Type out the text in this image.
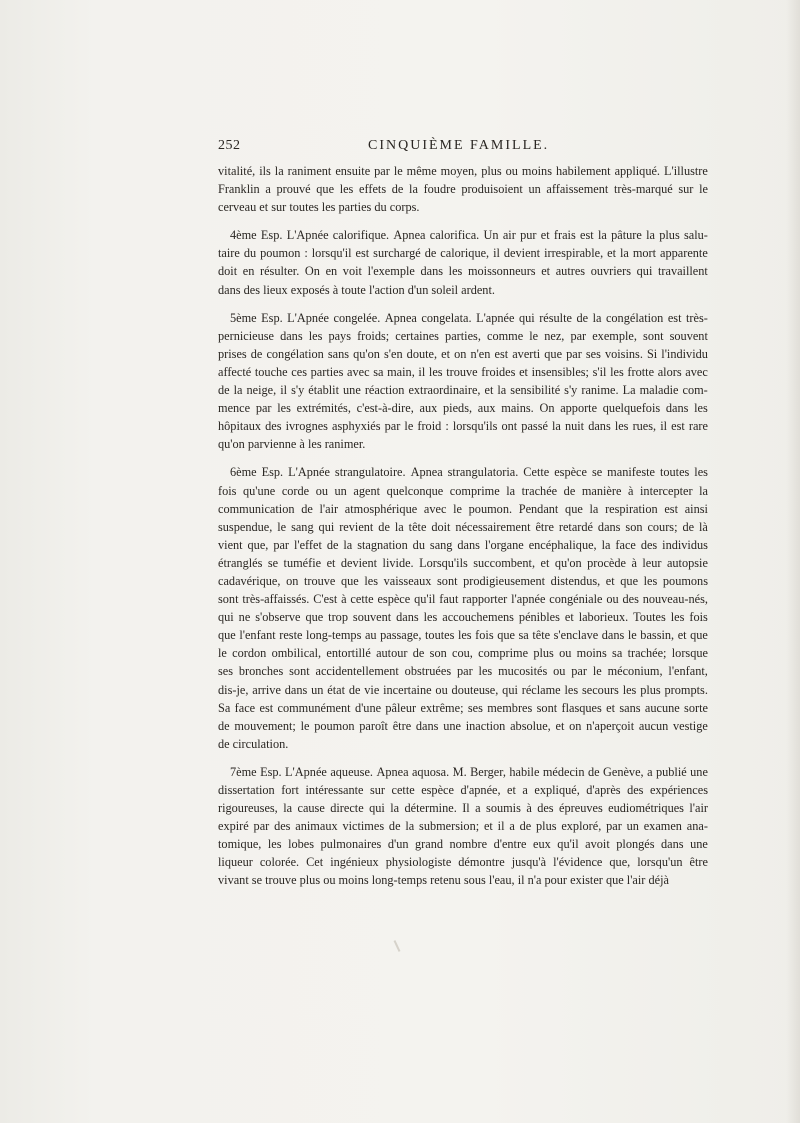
252	CINQUIÈME FAMILLE.
vitalité, ils la raniment ensuite par le même moyen, plus ou moins habilement appliqué. L'illustre
Franklin a prouvé que les effets de la foudre produisoient un affaissement très-marqué sur le
cerveau et sur toutes les parties du corps.
4ème Esp. L'Apnée calorifique. Apnea calorifica. Un air pur et frais est la pâture la plus salu-
taire du poumon : lorsqu'il est surchargé de calorique, il devient irrespirable, et la mort apparente
doit en résulter. On en voit l'exemple dans les moissonneurs et autres ouvriers qui travaillent
dans des lieux exposés à toute l'action d'un soleil ardent.
5ème Esp. L'Apnée congelée. Apnea congelata. L'apnée qui résulte de la congélation est très-
pernicieuse dans les pays froids; certaines parties, comme le nez, par exemple, sont souvent
prises de congélation sans qu'on s'en doute, et on n'en est averti que par ses voisins. Si l'individu
affecté touche ces parties avec sa main, il les trouve froides et insensibles; s'il les frotte alors avec
de la neige, il s'y établit une réaction extraordinaire, et la sensibilité s'y ranime. La maladie com-
mence par les extrémités, c'est-à-dire, aux pieds, aux mains. On apporte quelquefois dans les
hôpitaux des ivrognes asphyxiés par le froid : lorsqu'ils ont passé la nuit dans les rues, il est rare
qu'on parvienne à les ranimer.
6ème Esp. L'Apnée strangulatoire. Apnea strangulatoria. Cette espèce se manifeste toutes les
fois qu'une corde ou un agent quelconque comprime la trachée de manière à intercepter la
communication de l'air atmosphérique avec le poumon. Pendant que la respiration est ainsi
suspendue, le sang qui revient de la tête doit nécessairement être retardé dans son cours; de là
vient que, par l'effet de la stagnation du sang dans l'organe encéphalique, la face des individus
étranglés se tuméfie et devient livide. Lorsqu'ils succombent, et qu'on procède à leur autopsie
cadavérique, on trouve que les vaisseaux sont prodigieusement distendus, et que les poumons
sont très-affaissés. C'est à cette espèce qu'il faut rapporter l'apnée congéniale ou des nouveau-nés,
qui ne s'observe que trop souvent dans les accouchemens pénibles et laborieux. Toutes les fois
que l'enfant reste long-temps au passage, toutes les fois que sa tête s'enclave dans le bassin, et que
le cordon ombilical, entortillé autour de son cou, comprime plus ou moins sa trachée; lorsque
ses bronches sont accidentellement obstruées par les mucosités ou par le méconium, l'enfant,
dis-je, arrive dans un état de vie incertaine ou douteuse, qui réclame les secours les plus prompts.
Sa face est communément d'une pâleur extrême; ses membres sont flasques et sans aucune sorte
de mouvement; le poumon paroît être dans une inaction absolue, et on n'aperçoit aucun vestige
de circulation.
7ème Esp. L'Apnée aqueuse. Apnea aquosa. M. Berger, habile médecin de Genève, a publié une
dissertation fort intéressante sur cette espèce d'apnée, et a expliqué, d'après des expériences
rigoureuses, la cause directe qui la détermine. Il a soumis à des épreuves eudiométriques l'air
expiré par des animaux victimes de la submersion; et il a de plus exploré, par un examen ana-
tomique, les lobes pulmonaires d'un grand nombre d'entre eux qu'il avoit plongés dans une
liqueur colorée. Cet ingénieux physiologiste démontre jusqu'à l'évidence que, lorsqu'un être
vivant se trouve plus ou moins long-temps retenu sous l'eau, il n'a pour exister que l'air déjà
